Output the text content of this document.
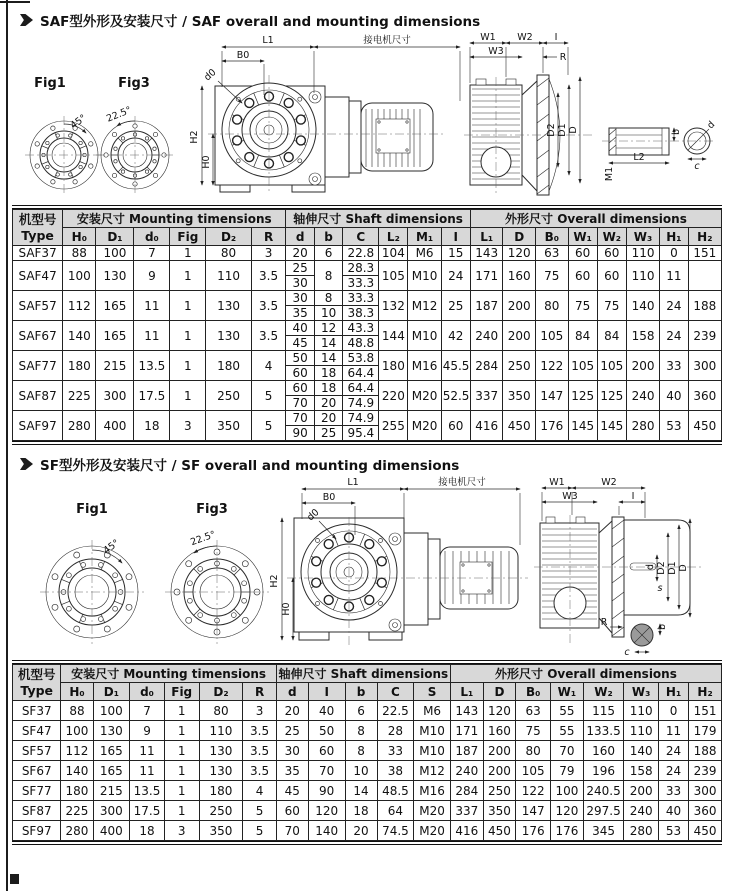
SAF型外形及安装尺寸 / SAF overall and mounting dimensions
Fig1	Fig3
45° 22.5°
L1	接电机尺寸
B0
d0
H2
H0
W1 W2 I
W3
R
D2 D1 D
L2
M1
b
d
c
机型号
Type	安装尺寸 Mounting timensions						轴伸尺寸 Shaft dimensions						外形尺寸 Overall dimensions							
	H₀	D₁	d₀	Fig	D₂	R	d	b	C	L₂	M₁	I	L₁	D	B₀	W₁	W₂	W₃	H₁	H₂
SAF37	88	100	7	1	80	3	20	6	22.8	104	M6	15	143	120	63	60	60	110	0	151
SAF47	100	130	9	1	110	3.5	25	8	28.3	105	M10	24	171	160	75	60	60	110	11	
							30		33.3											
SAF57	112	165	11	1	130	3.5	30	8	33.3	132	M12	25	187	200	80	75	75	140	24	188
							35	10	38.3											
SAF67	140	165	11	1	130	3.5	40	12	43.3	144	M10	42	240	200	105	84	84	158	24	239
							45	14	48.8											
SAF77	180	215	13.5	1	180	4	50	14	53.8	180	M16	45.5	284	250	122	105	105	200	33	300
							60	18	64.4											
SAF87	225	300	17.5	1	250	5	60	18	64.4	220	M20	52.5	337	350	147	125	125	240	40	360
							70	20	74.9											
SAF97	280	400	18	3	350	5	70	20	74.9	255	M20	60	416	450	176	145	145	280	53	450
							90	25	95.4											
SF型外形及安装尺寸 / SF overall and mounting dimensions
Fig1	Fig3
45°	22.5°
L1	接电机尺寸
B0
d0
H2
H0
W1	W2
W3	I
d
s
D2 D1 D
R	b
c
机型号
Type	安装尺寸 Mounting timensions						轴伸尺寸 Shaft dimensions					外形尺寸 Overall dimensions							
	H₀	D₁	d₀	Fig	D₂	R	d	I	b	C	S	L₁	D	B₀	W₁	W₂	W₃	H₁	H₂
SF37	88	100	7	1	80	3	20	40	6	22.5	M6	143	120	63	55	115	110	0	151
SF47	100	130	9	1	110	3.5	25	50	8	28	M10	171	160	75	55	133.5	110	11	179
SF57	112	165	11	1	130	3.5	30	60	8	33	M10	187	200	80	70	160	140	24	188
SF67	140	165	11	1	130	3.5	35	70	10	38	M12	240	200	105	79	196	158	24	239
SF77	180	215	13.5	1	180	4	45	90	14	48.5	M16	284	250	122	100	240.5	200	33	300
SF87	225	300	17.5	1	250	5	60	120	18	64	M20	337	350	147	120	297.5	240	40	360
SF97	280	400	18	3	350	5	70	140	20	74.5	M20	416	450	176	176	345	280	53	450
